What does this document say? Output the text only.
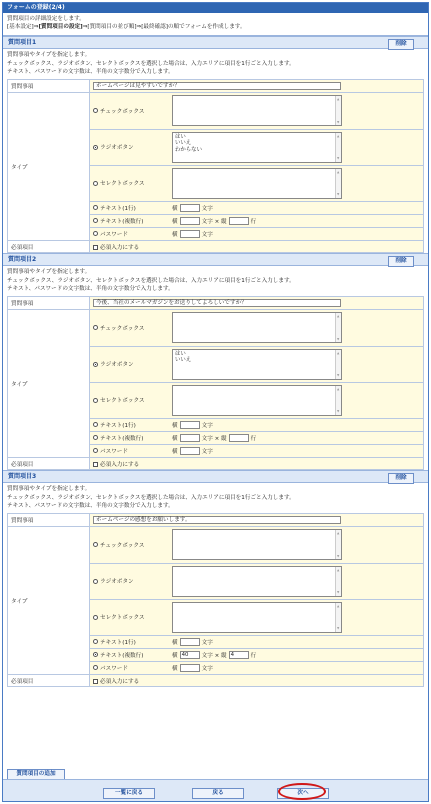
フォームの登録(2/4)
質問項目の詳細設定をします。
[基本設定]⇒[質問項目の設定]⇒[質問項目の並び順]⇒[最終確認]の順でフォームを作成します。
質問項目1	削除
質問事項やタイプを指定します。
チェックボックス、ラジオボタン、セレクトボックスを選択した場合は、入力エリアに項目を1行ごと入力します。
テキスト、パスワードの文字数は、半角の文字数分で入力します。
質問事項	ホームページは見やすいですか？

タイプ	
チェックボックス
▲ ▼

ラジオボタン
はい
いいえ
わからない
▲ ▼

セレクトボックス
▲ ▼

テキスト(1行)	横	文字

テキスト(複数行)	横	文字 × 縦	行

パスワード	横	文字

必須項目	必須入力にする
質問項目2	削除
質問事項やタイプを指定します。
チェックボックス、ラジオボタン、セレクトボックスを選択した場合は、入力エリアに項目を1行ごと入力します。
テキスト、パスワードの文字数は、半角の文字数分で入力します。
質問事項	今後、当社のメールマガジンをお送りしてよろしいですか？

タイプ	
チェックボックス
▲ ▼

ラジオボタン
はい
いいえ
▲ ▼

セレクトボックス
▲ ▼

テキスト(1行)	横	文字

テキスト(複数行)	横	文字 × 縦	行

パスワード	横	文字

必須項目	必須入力にする
質問項目3	削除
質問事項やタイプを指定します。
チェックボックス、ラジオボタン、セレクトボックスを選択した場合は、入力エリアに項目を1行ごと入力します。
テキスト、パスワードの文字数は、半角の文字数分で入力します。
質問事項	ホームページの感想をお願いします。

タイプ	
チェックボックス
▲ ▼

ラジオボタン
▲ ▼

セレクトボックス
▲ ▼

テキスト(1行)	横	文字

テキスト(複数行)	横 40	文字 × 縦 4	行

パスワード	横	文字

必須項目	必須入力にする
質問項目の追加
一覧に戻る	戻る	次へ
